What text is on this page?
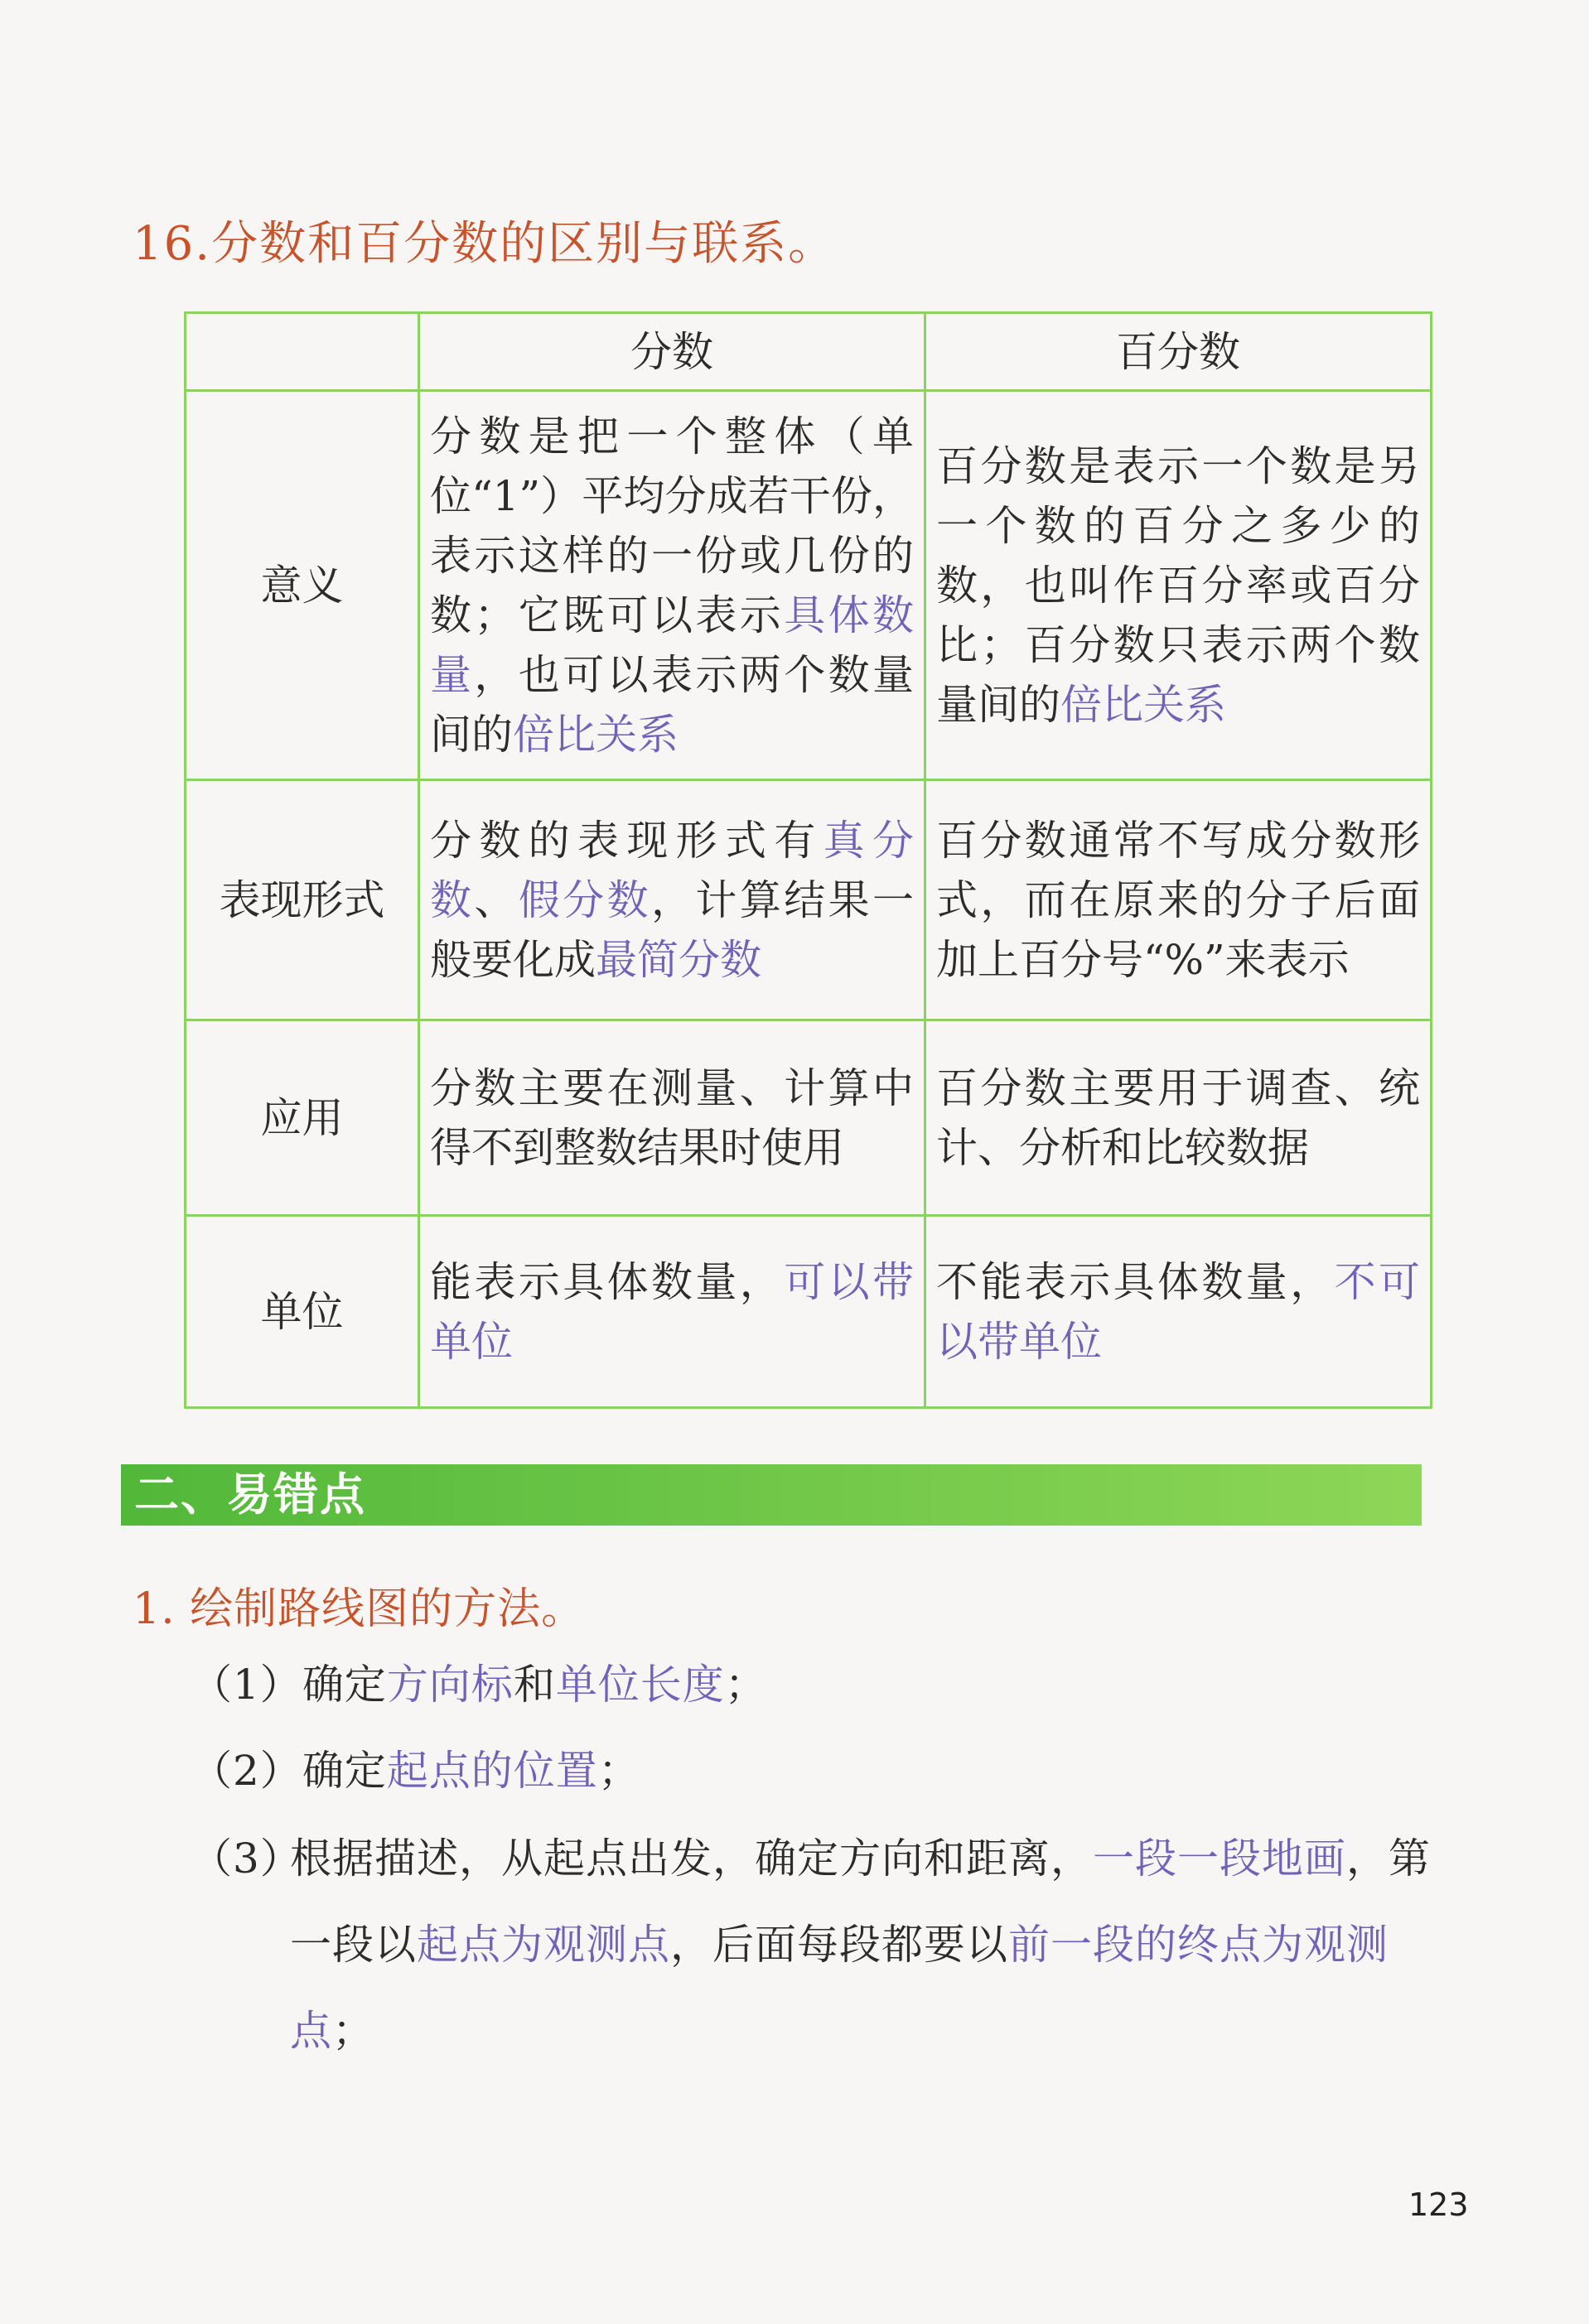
16.分数和百分数的区别与联系。
	分数	百分数
意义	分数是把一个整体（单位“1”）平均分成若干份，表示这样的一份或几份的数；它既可以表示具体数量，也可以表示两个数量间的倍比关系	百分数是表示一个数是另一个数的百分之多少的数，也叫作百分率或百分比；百分数只表示两个数量间的倍比关系
表现形式	分数的表现形式有真分数、假分数，计算结果一般要化成最简分数	百分数通常不写成分数形式，而在原来的分子后面加上百分号“%”来表示
应用	分数主要在测量、计算中得不到整数结果时使用	百分数主要用于调查、统计、分析和比较数据
单位	能表示具体数量，可以带单位	不能表示具体数量，不可以带单位
二、易错点
1. 绘制路线图的方法。
（1）确定方向标和单位长度；
（2）确定起点的位置；
（3）根据描述，从起点出发，确定方向和距离，一段一段地画，第一段以起点为观测点，后面每段都要以前一段的终点为观测点；
123
